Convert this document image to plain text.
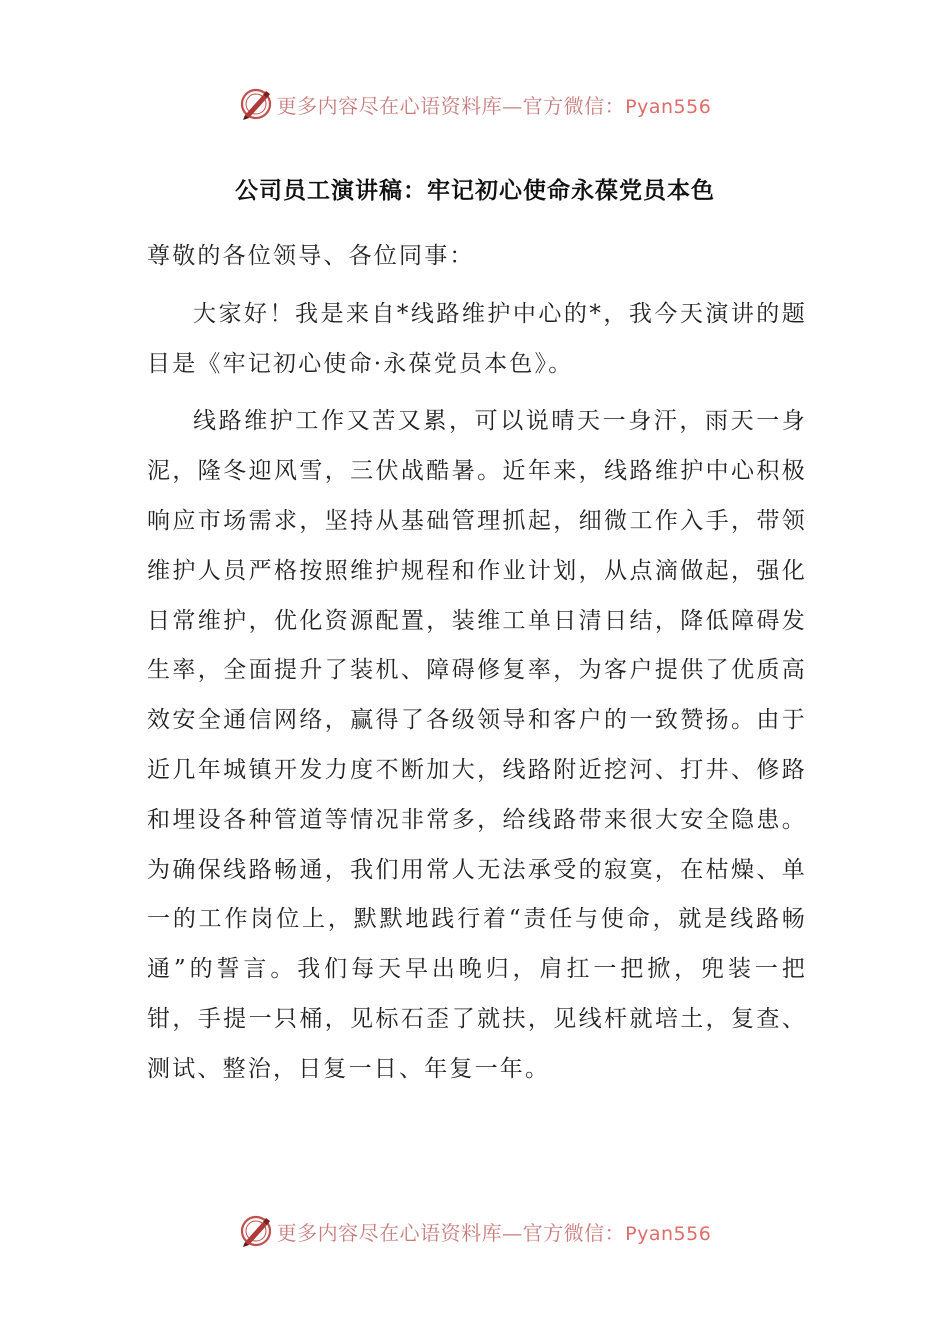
更多内容尽在心语资料库—官方微信：Pyan556
公司员工演讲稿：牢记初心使命永葆党员本色

尊敬的各位领导、各位同事：

大家好！我是来自*线路维护中心的*，我今天演讲的题目是《牢记初心使命·永葆党员本色》。

线路维护工作又苦又累，可以说晴天一身汗，雨天一身泥，隆冬迎风雪，三伏战酷暑。近年来，线路维护中心积极响应市场需求，坚持从基础管理抓起，细微工作入手，带领维护人员严格按照维护规程和作业计划，从点滴做起，强化日常维护，优化资源配置，装维工单日清日结，降低障碍发生率，全面提升了装机、障碍修复率，为客户提供了优质高效安全通信网络，赢得了各级领导和客户的一致赞扬。由于近几年城镇开发力度不断加大，线路附近挖河、打井、修路和埋设各种管道等情况非常多，给线路带来很大安全隐患。为确保线路畅通，我们用常人无法承受的寂寞，在枯燥、单一的工作岗位上，默默地践行着“责任与使命，就是线路畅通”的誓言。我们每天早出晚归，肩扛一把掀，兜装一把钳，手提一只桶，见标石歪了就扶，见线杆就培土，复查、测试、整治，日复一日、年复一年。

更多内容尽在心语资料库—官方微信：Pyan556
